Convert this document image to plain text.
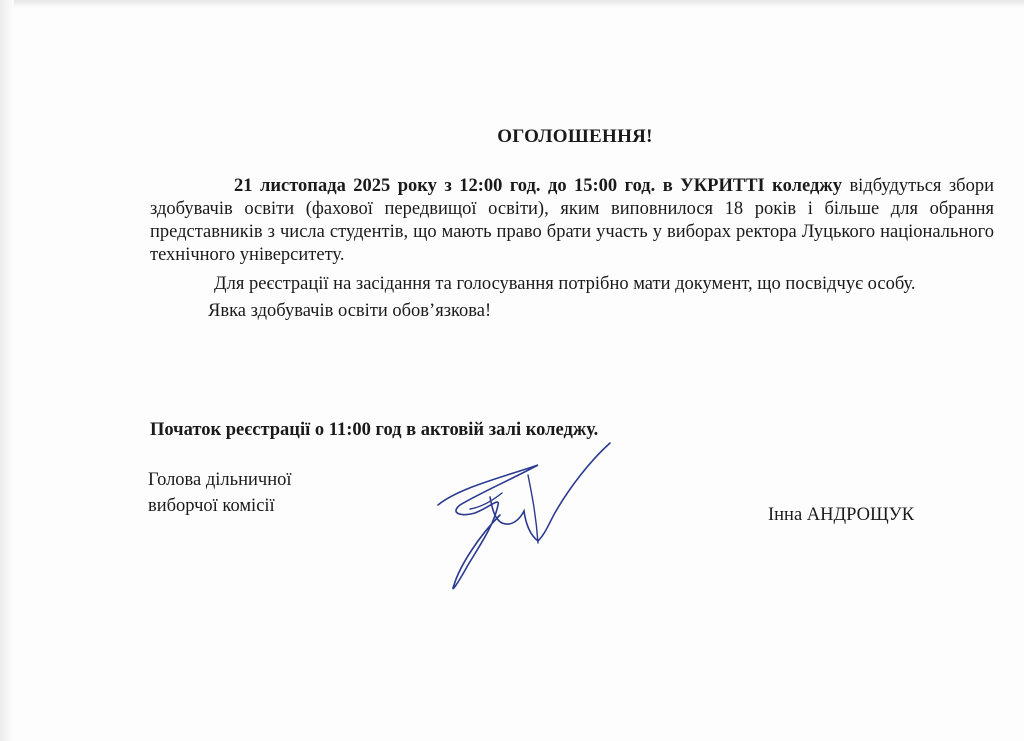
ОГОЛОШЕННЯ!

21 листопада 2025 року з 12:00 год. до 15:00 год. в УКРИТТІ коледжу відбудуться збори здобувачів освіти (фахової передвищої освіти), яким виповнилося 18 років і більше для обрання представників з числа студентів, що мають право брати участь у виборах ректора Луцького національного технічного університету.

Для реєстрації на засідання та голосування потрібно мати документ, що посвідчує особу.

Явка здобувачів освіти обов’язкова!

Початок реєстрації о 11:00 год в актовій залі коледжу.
Голова дільничної
виборчої комісії	Інна АНДРОЩУК
